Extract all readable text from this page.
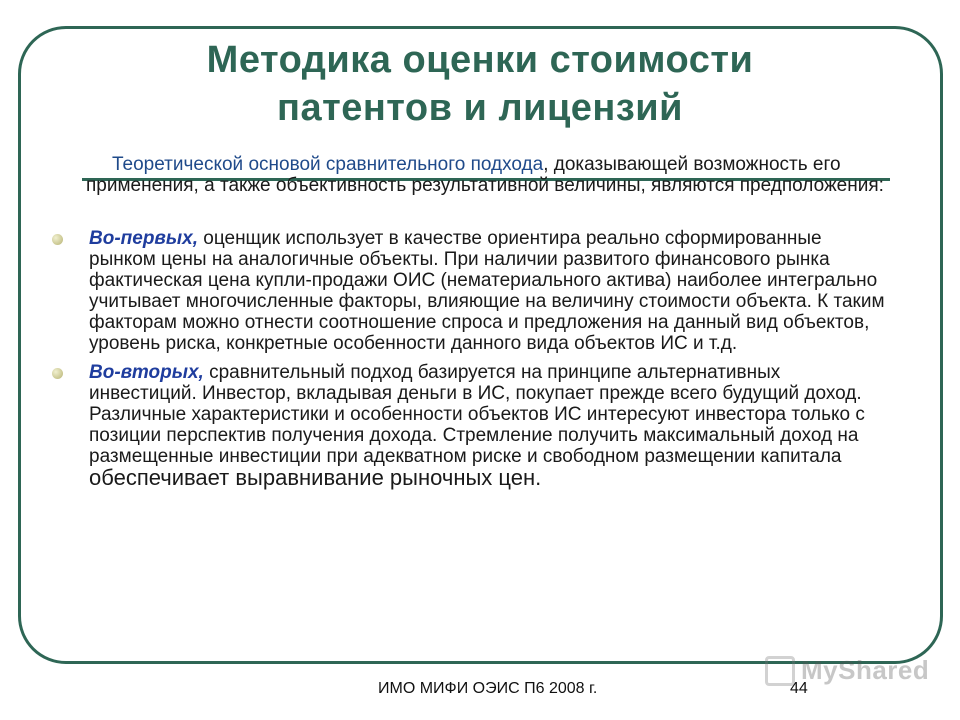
Методика оценки стоимости
патентов и лицензий
Теоретической основой сравнительного подхода, доказывающей возможность его применения, а также объективность результативной величины, являются предположения:
Во-первых, оценщик использует в качестве ориентира реально сформированные рынком цены на аналогичные объекты. При наличии развитого финансового рынка фактическая цена купли-продажи ОИС (нематериального актива) наиболее интегрально учитывает многочисленные факторы, влияющие на величину стоимости объекта. К таким факторам можно отнести соотношение спроса и предложения на данный вид объектов, уровень риска, конкретные особенности данного вида объектов ИС и т.д.
Во-вторых, сравнительный подход базируется на принципе альтернативных инвестиций. Инвестор, вкладывая деньги в ИС, покупает прежде всего будущий доход. Различные характеристики и особенности объектов ИС интересуют инвестора только с позиции перспектив получения дохода. Стремление получить максимальный доход на размещенные инвестиции при адекватном риске и свободном размещении капитала обеспечивает выравнивание рыночных цен.
MyShared
ИМО МИФИ ОЭИС П6 2008 г.	44
